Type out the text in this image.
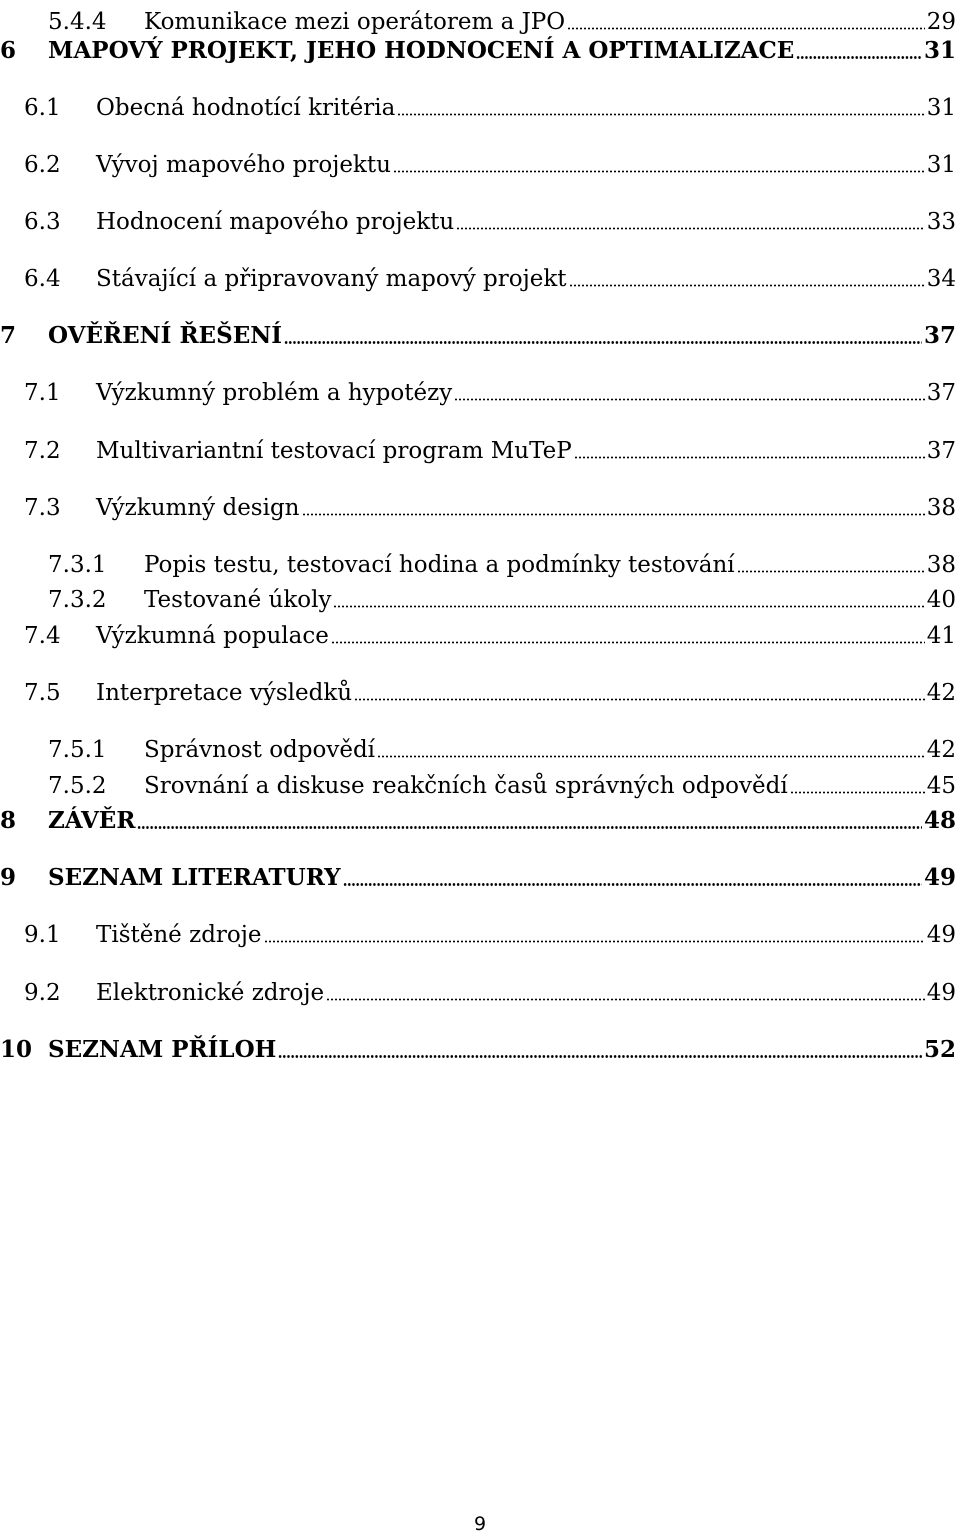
5.4.4	Komunikace mezi operátorem a JPO	29
6	MAPOVÝ PROJEKT, JEHO HODNOCENÍ A OPTIMALIZACE	31
6.1	Obecná hodnotící kritéria	31
6.2	Vývoj mapového projektu	31
6.3	Hodnocení mapového projektu	33
6.4	Stávající a připravovaný mapový projekt	34
7	OVĚŘENÍ ŘEŠENÍ	37
7.1	Výzkumný problém a hypotézy	37
7.2	Multivariantní testovací program MuTeP	37
7.3	Výzkumný design	38
7.3.1	Popis testu, testovací hodina a podmínky testování	38
7.3.2	Testované úkoly	40
7.4	Výzkumná populace	41
7.5	Interpretace výsledků	42
7.5.1	Správnost odpovědí	42
7.5.2	Srovnání a diskuse reakčních časů správných odpovědí	45
8	ZÁVĚR	48
9	SEZNAM LITERATURY	49
9.1	Tištěné zdroje	49
9.2	Elektronické zdroje	49
10 SEZNAM PŘÍLOH	52
9
